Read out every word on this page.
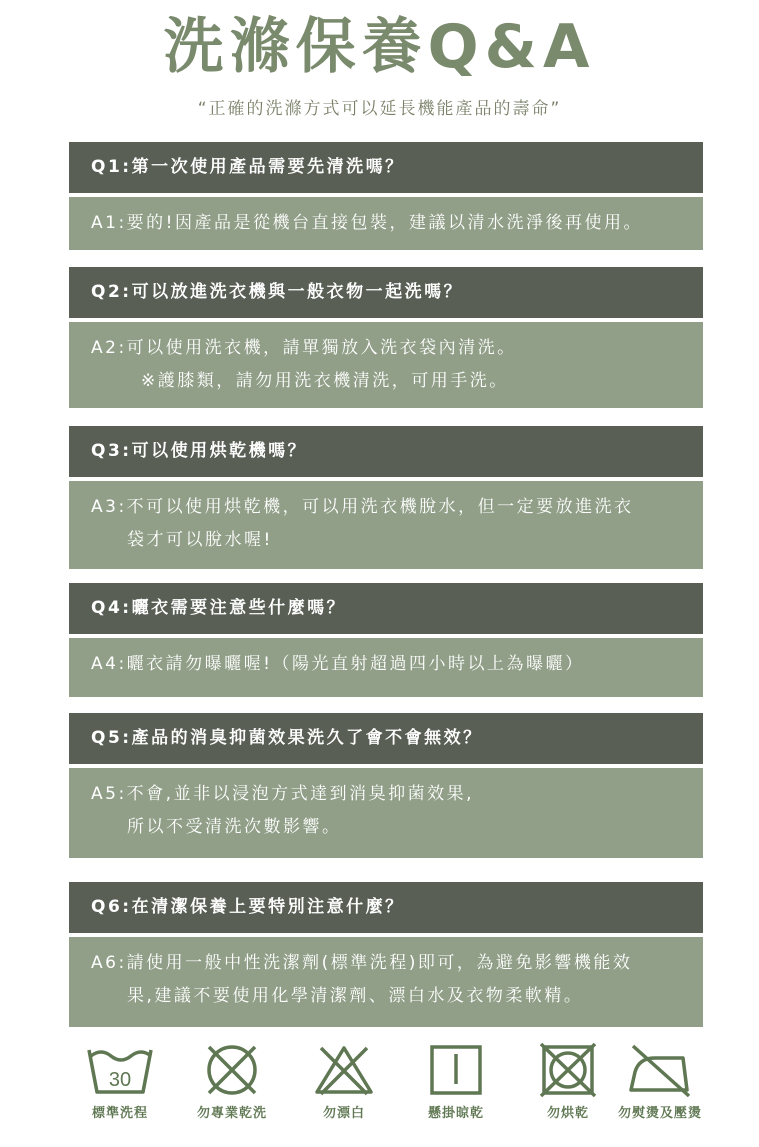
洗滌保養Q&A
“正確的洗滌方式可以延長機能產品的壽命”
Q1:第一次使用產品需要先清洗嗎？
A1:要的!因產品是從機台直接包裝，建議以清水洗淨後再使用。
Q2:可以放進洗衣機與一般衣物一起洗嗎？
A2:可以使用洗衣機，請單獨放入洗衣袋內清洗。
※護膝類，請勿用洗衣機清洗，可用手洗。
Q3:可以使用烘乾機嗎？
A3:不可以使用烘乾機，可以用洗衣機脫水，但一定要放進洗衣
袋才可以脫水喔!
Q4:曬衣需要注意些什麼嗎？
A4:曬衣請勿曝曬喔!（陽光直射超過四小時以上為曝曬）
Q5:產品的消臭抑菌效果洗久了會不會無效？
A5:不會,並非以浸泡方式達到消臭抑菌效果,
所以不受清洗次數影響。
Q6:在清潔保養上要特別注意什麼？
A6:請使用一般中性洗潔劑(標準洗程)即可，為避免影響機能效
果,建議不要使用化學清潔劑、漂白水及衣物柔軟精。
30
標準洗程	勿專業乾洗	勿漂白	懸掛晾乾	勿烘乾	勿熨燙及壓燙
